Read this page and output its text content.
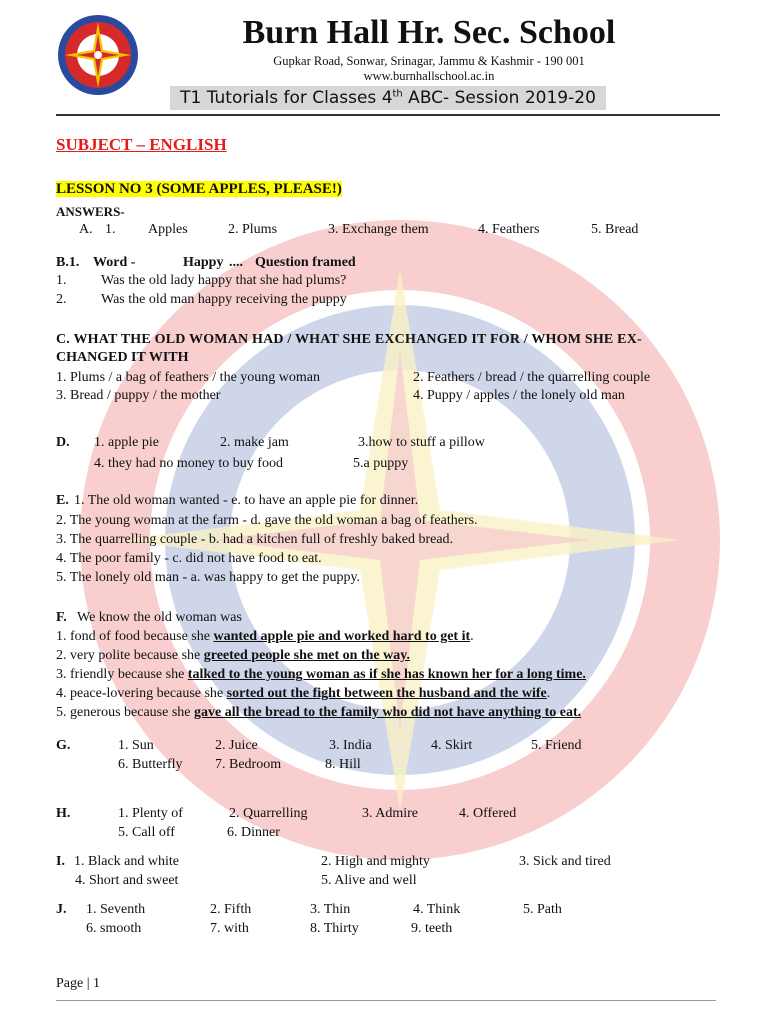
Burn Hall Hr. Sec. School
Gupkar Road, Sonwar, Srinagar, Jammu & Kashmir - 190 001
www.burnhallschool.ac.in
T1 Tutorials for Classes 4th ABC- Session 2019-20
SUBJECT – ENGLISH
LESSON NO 3 (SOME APPLES, PLEASE!)
ANSWERS-
A. 1. Apples	2. Plums	3. Exchange them	4. Feathers	5. Bread
B.1. Word -	Happy .... Question framed
1. Was the old lady happy that she had plums?
2. Was the old man happy receiving the puppy
C. WHAT THE OLD WOMAN HAD / WHAT SHE EXCHANGED IT FOR / WHOM SHE EX-
CHANGED IT WITH
1. Plums / a bag of feathers / the young woman	2. Feathers / bread / the quarrelling couple
3. Bread / puppy / the mother	4. Puppy / apples / the lonely old man
D. 1. apple pie	2. make jam	3.how to stuff a pillow
4. they had no money to buy food	5.a puppy
E. 1. The old woman wanted - e. to have an apple pie for dinner.
2. The young woman at the farm - d. gave the old woman a bag of feathers.
3. The quarrelling couple - b. had a kitchen full of freshly baked bread.
4. The poor family - c. did not have food to eat.
5. The lonely old man - a. was happy to get the puppy.
F. We know the old woman was
1. fond of food because she wanted apple pie and worked hard to get it.
2. very polite because she greeted people she met on the way.
3. friendly because she talked to the young woman as if she has known her for a long time.
4. peace-lovering because she sorted out the fight between the husband and the wife.
5. generous because she gave all the bread to the family who did not have anything to eat.
G.	1. Sun	2. Juice	3. India	4. Skirt	5. Friend
6. Butterfly 7. Bedroom	8. Hill
H.	1. Plenty of	2. Quarrelling	3. Admire	4. Offered
5. Call off	6. Dinner
I. 1. Black and white	2. High and mighty	3. Sick and tired
4. Short and sweet	5. Alive and well
J. 1. Seventh	2. Fifth	3. Thin	4. Think	5. Path
6. smooth	7. with	8. Thirty	9. teeth
Page | 1
